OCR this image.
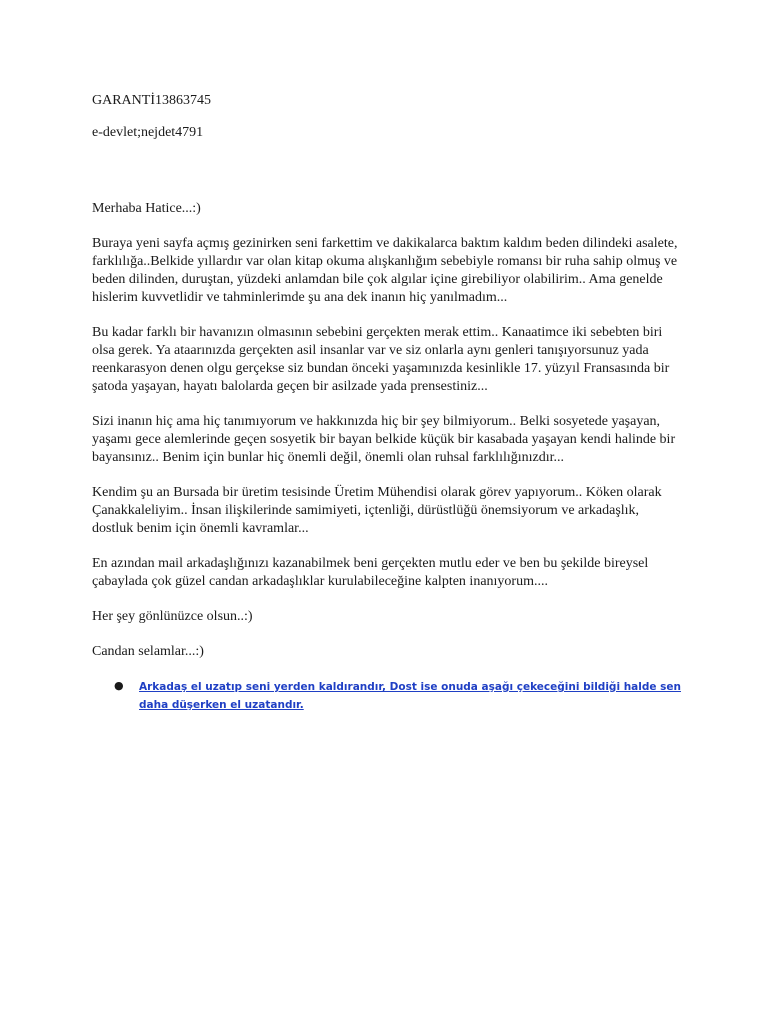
GARANTİ13863745
e-devlet;nejdet4791

Merhaba Hatice...:)

Buraya yeni sayfa açmış gezinirken seni farkettim ve dakikalarca baktım kaldım beden dilindeki asalete, farklılığa..Belkide yıllardır var olan kitap okuma alışkanlığım sebebiyle romansı bir ruha sahip olmuş ve beden dilinden, duruştan, yüzdeki anlamdan bile çok algılar içine girebiliyor olabilirim.. Ama genelde hislerim kuvvetlidir ve tahminlerimde şu ana dek inanın hiç yanılmadım...

Bu kadar farklı bir havanızın olmasının sebebini gerçekten merak ettim.. Kanaatimce iki sebebten biri olsa gerek. Ya ataarınızda gerçekten asil insanlar var ve siz onlarla aynı genleri tanışıyorsunuz yada reenkarasyon denen olgu gerçekse siz bundan önceki yaşamınızda kesinlikle 17. yüzyıl Fransasında bir şatoda yaşayan, hayatı balolarda geçen bir asilzade yada prensestiniz...

Sizi inanın hiç ama hiç tanımıyorum ve hakkınızda hiç bir şey bilmiyorum.. Belki sosyetede yaşayan, yaşamı gece alemlerinde geçen sosyetik bir bayan belkide küçük bir kasabada yaşayan kendi halinde bir bayansınız.. Benim için bunlar hiç önemli değil, önemli olan ruhsal farklılığınızdır...

Kendim şu an Bursada bir üretim tesisinde Üretim Mühendisi olarak görev yapıyorum.. Köken olarak Çanakkaleliyim.. İnsan ilişkilerinde samimiyeti, içtenliği, dürüstlüğü önemsiyorum ve arkadaşlık, dostluk benim için önemli kavramlar...

En azından mail arkadaşlığınızı kazanabilmek beni gerçekten mutlu eder ve ben bu şekilde bireysel çabaylada çok güzel candan arkadaşlıklar kurulabileceğine kalpten inanıyorum....

Her şey gönlünüzce olsun..:)

Candan selamlar...:)

● Arkadaş el uzatıp seni yerden kaldırandır, Dost ise onuda aşağı çekeceğini bildiği halde sen daha düşerken el uzatandır.
